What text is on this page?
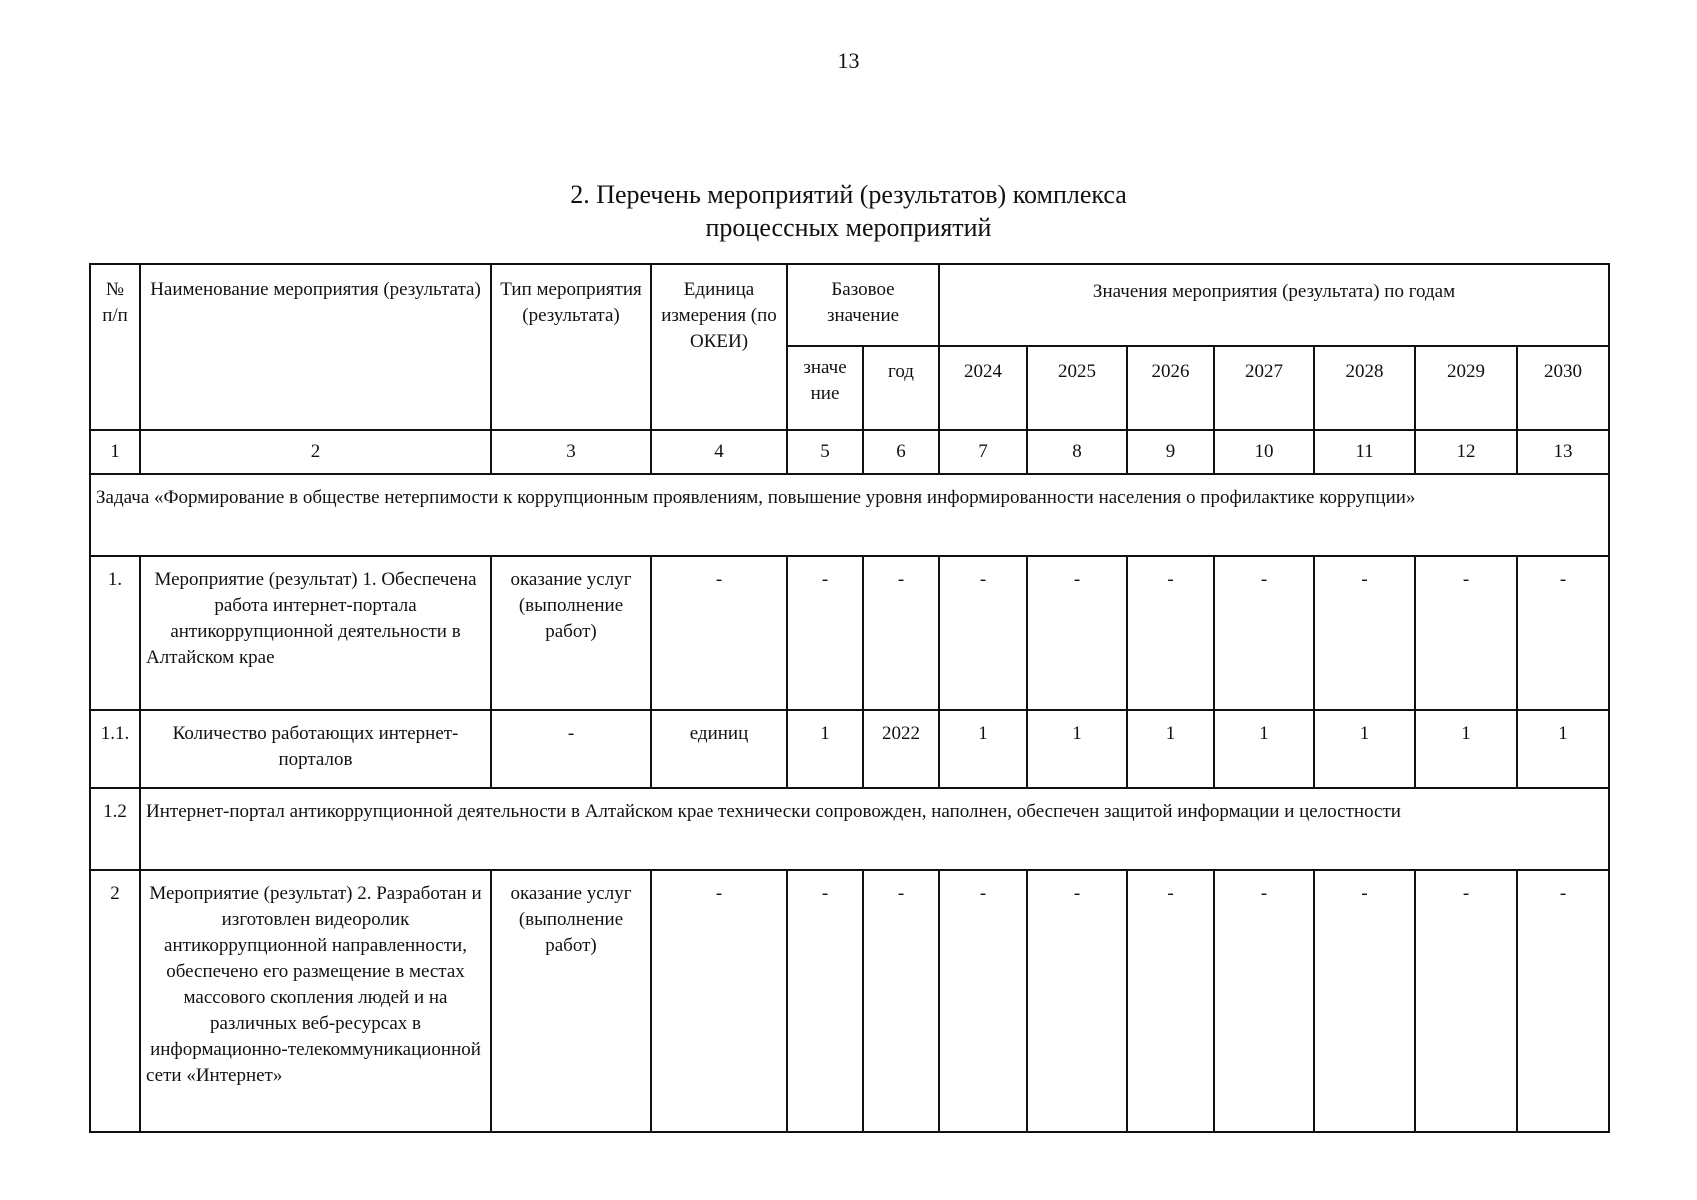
13
2. Перечень мероприятий (результатов) комплекса
процессных мероприятий
№ п/п	Наименование мероприятия (результата)	Тип мероприятия (результата)	Единица измерения (по ОКЕИ)	Базовое значение		Значения мероприятия (результата) по годам						
				значе ние	год	2024	2025	2026	2027	2028	2029	2030
1	2	3	4	5	6	7	8	9	10	11	12	13
Задача «Формирование в обществе нетерпимости к коррупционным проявлениям, повышение уровня информированности населения о профилактике коррупции»												
1.	Мероприятие (результат) 1. Обеспечена работа интернет-портала антикоррупционной деятельности в Алтайском крае	оказание услуг (выполнение работ)	-	-	-	-	-	-	-	-	-	-
1.1.	Количество работающих интернет-порталов	-	единиц	1	2022	1	1	1	1	1	1	1
1.2	Интернет-портал антикоррупционной деятельности в Алтайском крае технически сопровожден, наполнен, обеспечен защитой информации и целостности											
2	Мероприятие (результат) 2. Разработан и изготовлен видеоролик антикоррупционной направленности, обеспечено его размещение в местах массового скопления людей и на различных веб-ресурсах в информационно-телекоммуникационной сети «Интернет»	оказание услуг (выполнение работ)	-	-	-	-	-	-	-	-	-	-
